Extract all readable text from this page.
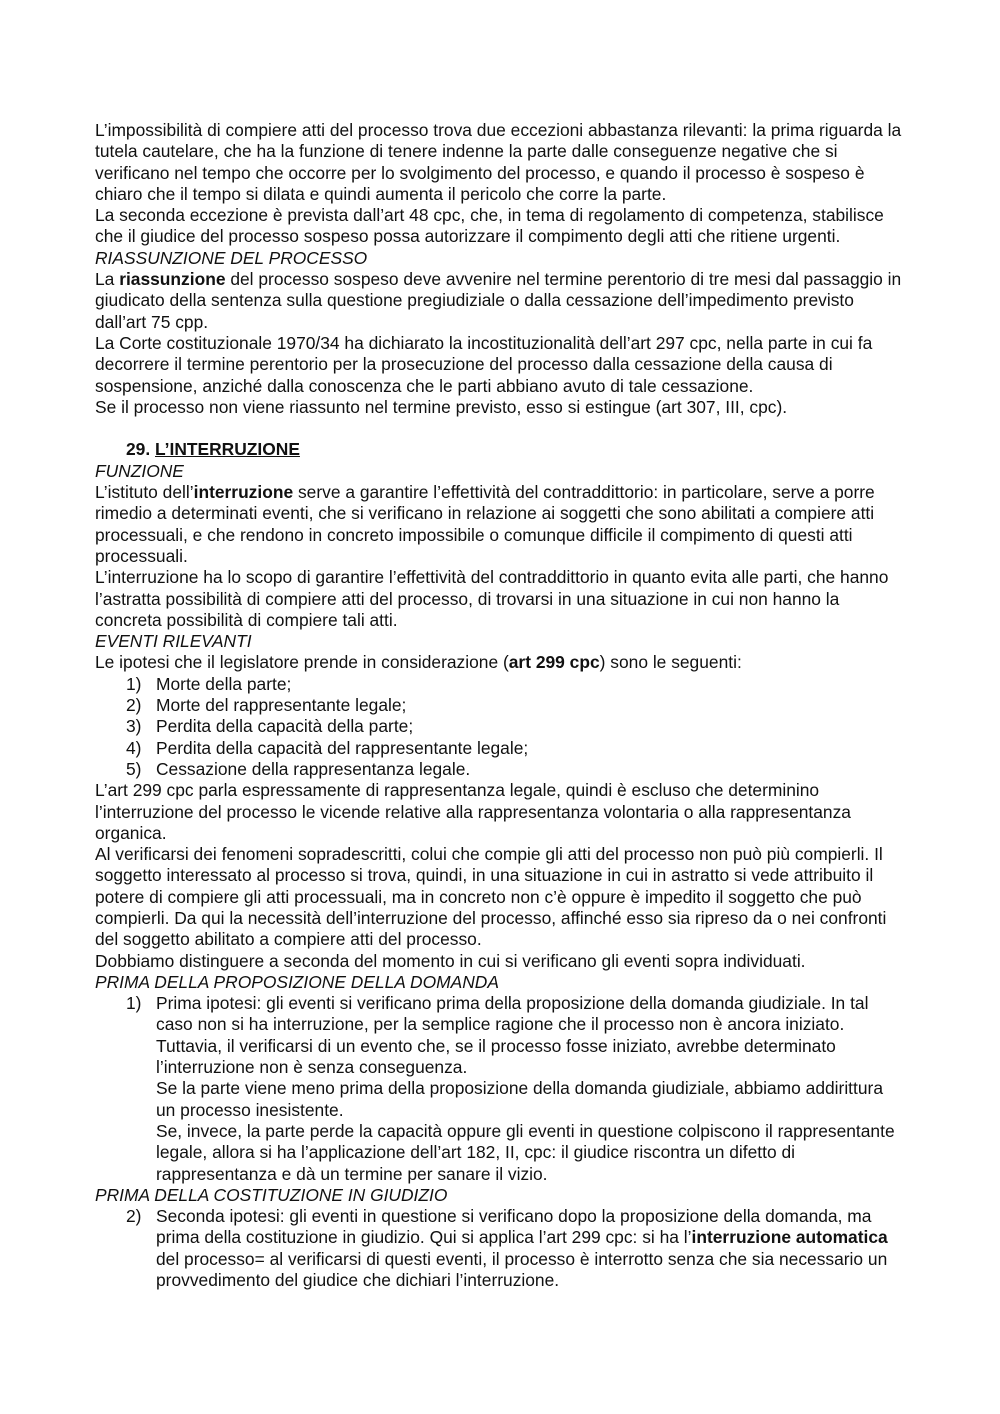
L’impossibilità di compiere atti del processo trova due eccezioni abbastanza rilevanti: la prima riguarda la tutela cautelare, che ha la funzione di tenere indenne la parte dalle conseguenze negative che si verificano nel tempo che occorre per lo svolgimento del processo, e quando il processo è sospeso è chiaro che il tempo si dilata e quindi aumenta il pericolo che corre la parte.

La seconda eccezione è prevista dall’art 48 cpc, che, in tema di regolamento di competenza, stabilisce che il giudice del processo sospeso possa autorizzare il compimento degli atti che ritiene urgenti.

RIASSUNZIONE DEL PROCESSO

La riassunzione del processo sospeso deve avvenire nel termine perentorio di tre mesi dal passaggio in giudicato della sentenza sulla questione pregiudiziale o dalla cessazione dell’impedimento previsto dall’art 75 cpp.

La Corte costituzionale 1970/34 ha dichiarato la incostituzionalità dell’art 297 cpc, nella parte in cui fa decorrere il termine perentorio per la prosecuzione del processo dalla cessazione della causa di sospensione, anziché dalla conoscenza che le parti abbiano avuto di tale cessazione.

Se il processo non viene riassunto nel termine previsto, esso si estingue (art 307, III, cpc).

29. L’INTERRUZIONE

FUNZIONE

L’istituto dell’interruzione serve a garantire l’effettività del contraddittorio: in particolare, serve a porre rimedio a determinati eventi, che si verificano in relazione ai soggetti che sono abilitati a compiere atti processuali, e che rendono in concreto impossibile o comunque difficile il compimento di questi atti processuali.

L’interruzione ha lo scopo di garantire l’effettività del contraddittorio in quanto evita alle parti, che hanno l’astratta possibilità di compiere atti del processo, di trovarsi in una situazione in cui non hanno la concreta possibilità di compiere tali atti.

EVENTI RILEVANTI

Le ipotesi che il legislatore prende in considerazione (art 299 cpc) sono le seguenti:

1) Morte della parte;
2) Morte del rappresentante legale;
3) Perdita della capacità della parte;
4) Perdita della capacità del rappresentante legale;
5) Cessazione della rappresentanza legale.

L’art 299 cpc parla espressamente di rappresentanza legale, quindi è escluso che determinino l’interruzione del processo le vicende relative alla rappresentanza volontaria o alla rappresentanza organica.

Al verificarsi dei fenomeni sopradescritti, colui che compie gli atti del processo non può più compierli. Il soggetto interessato al processo si trova, quindi, in una situazione in cui in astratto si vede attribuito il potere di compiere gli atti processuali, ma in concreto non c’è oppure è impedito il soggetto che può compierli. Da qui la necessità dell’interruzione del processo, affinché esso sia ripreso da o nei confronti del soggetto abilitato a compiere atti del processo.

Dobbiamo distinguere a seconda del momento in cui si verificano gli eventi sopra individuati.

PRIMA DELLA PROPOSIZIONE DELLA DOMANDA

1) Prima ipotesi: gli eventi si verificano prima della proposizione della domanda giudiziale. In tal caso non si ha interruzione, per la semplice ragione che il processo non è ancora iniziato. Tuttavia, il verificarsi di un evento che, se il processo fosse iniziato, avrebbe determinato l’interruzione non è senza conseguenza.

Se la parte viene meno prima della proposizione della domanda giudiziale, abbiamo addirittura un processo inesistente.

Se, invece, la parte perde la capacità oppure gli eventi in questione colpiscono il rappresentante legale, allora si ha l’applicazione dell’art 182, II, cpc: il giudice riscontra un difetto di rappresentanza e dà un termine per sanare il vizio.

PRIMA DELLA COSTITUZIONE IN GIUDIZIO

2) Seconda ipotesi: gli eventi in questione si verificano dopo la proposizione della domanda, ma prima della costituzione in giudizio. Qui si applica l’art 299 cpc: si ha l’interruzione automatica del processo= al verificarsi di questi eventi, il processo è interrotto senza che sia necessario un provvedimento del giudice che dichiari l’interruzione.
